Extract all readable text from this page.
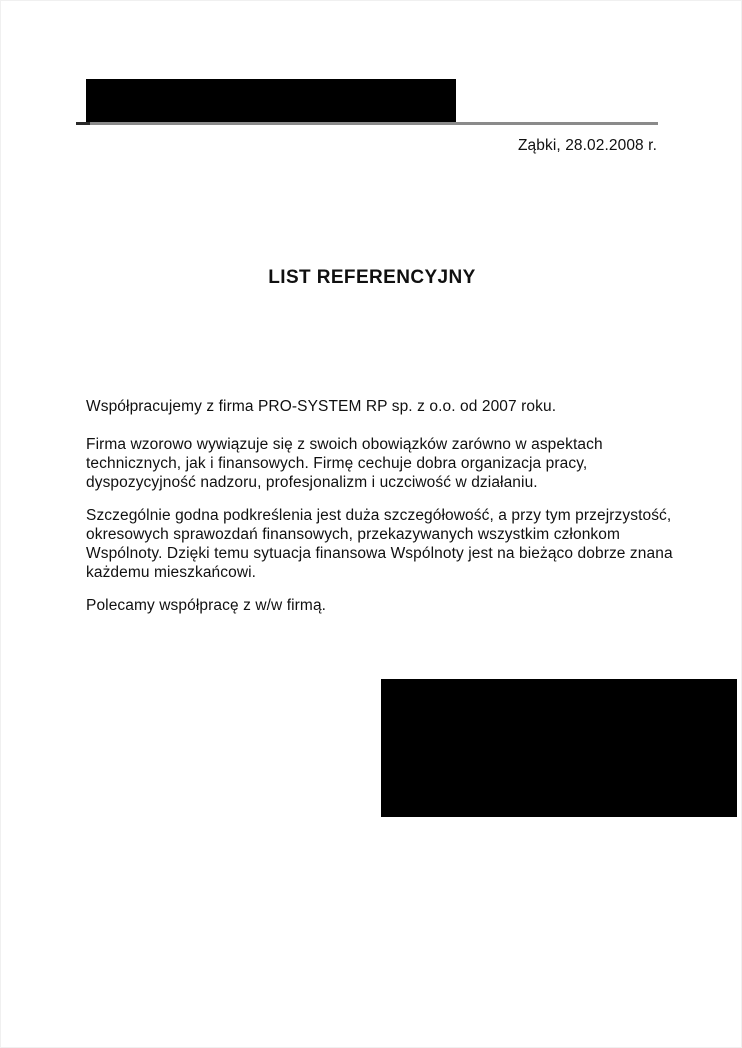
Ząbki, 28.02.2008 r.
LIST REFERENCYJNY
Współpracujemy z firma PRO-SYSTEM RP sp. z o.o. od 2007 roku.
Firma wzorowo wywiązuje się z swoich obowiązków zarówno w aspektach
technicznych, jak i finansowych. Firmę cechuje dobra organizacja pracy,
dyspozycyjność nadzoru, profesjonalizm i uczciwość w działaniu.
Szczególnie godna podkreślenia jest duża szczegółowość, a przy tym przejrzystość,
okresowych sprawozdań finansowych, przekazywanych wszystkim członkom
Wspólnoty. Dzięki temu sytuacja finansowa Wspólnoty jest na bieżąco dobrze znana
każdemu mieszkańcowi.
Polecamy współpracę z w/w firmą.
